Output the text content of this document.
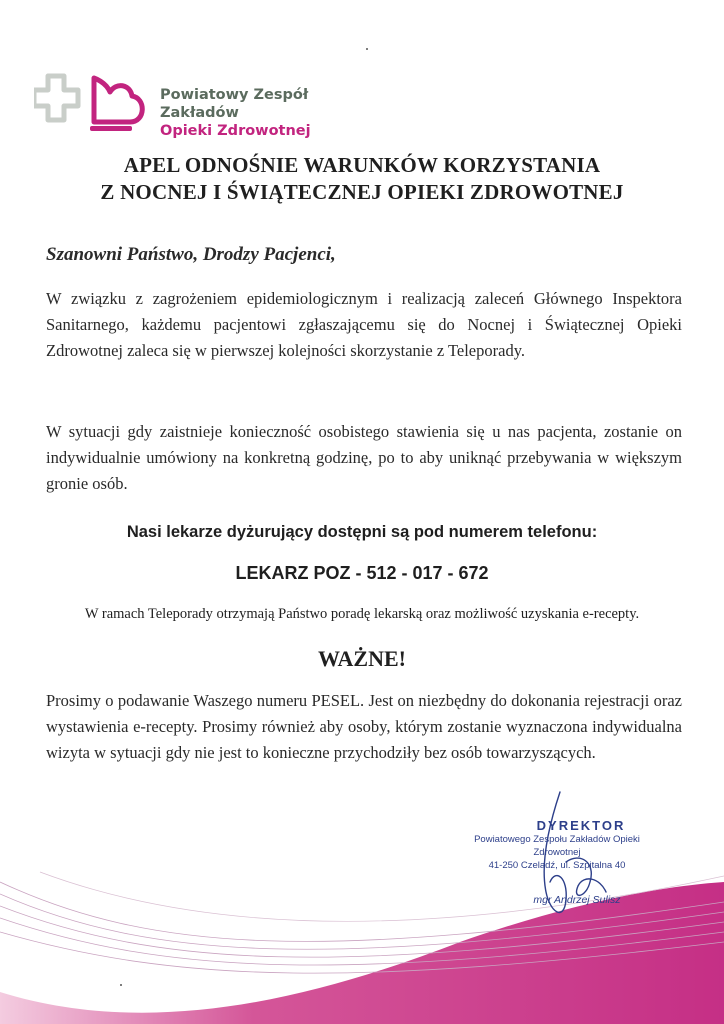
Powiatowy Zespół Zakładów
Opieki Zdrowotnej
APEL ODNOŚNIE WARUNKÓW KORZYSTANIA
Z NOCNEJ I ŚWIĄTECZNEJ OPIEKI ZDROWOTNEJ
Szanowni Państwo, Drodzy Pacjenci,
W związku z zagrożeniem epidemiologicznym i realizacją zaleceń Głównego Inspektora Sanitarnego, każdemu pacjentowi zgłaszającemu się do Nocnej i Świątecznej Opieki Zdrowotnej zaleca się w pierwszej kolejności skorzystanie z Teleporady.
W sytuacji gdy zaistnieje konieczność osobistego stawienia się u nas pacjenta, zostanie on indywidualnie umówiony na konkretną godzinę, po to aby uniknąć przebywania w większym gronie osób.
Nasi lekarze dyżurujący dostępni są pod numerem telefonu:
LEKARZ POZ - 512 - 017 - 672
W ramach Teleporady otrzymają Państwo poradę lekarską oraz możliwość uzyskania e-recepty.
WAŻNE!
Prosimy o podawanie Waszego numeru PESEL. Jest on niezbędny do dokonania rejestracji oraz wystawienia e-recepty. Prosimy również aby osoby, którym zostanie wyznaczona indywidualna wizyta w sytuacji gdy nie jest to konieczne przychodziły bez osób towarzyszących.
DYREKTOR
Powiatowego Zespołu Zakładów Opieki Zdrowotnej
41-250 Czeladź, ul. Szpitalna 40
mgr Andrzej Sulisz
